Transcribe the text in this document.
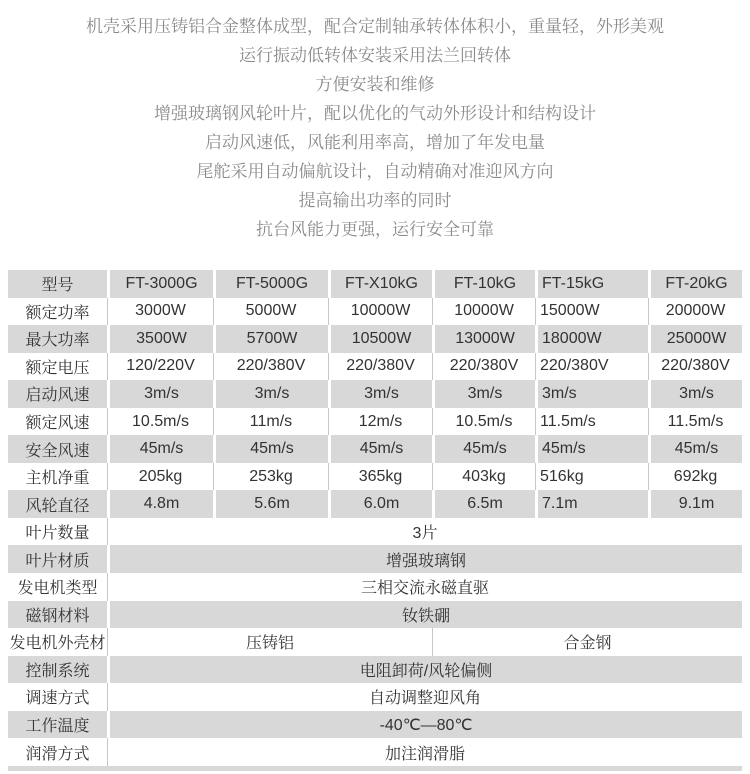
机壳采用压铸铝合金整体成型，配合定制轴承转体体积小，重量轻，外形美观

运行振动低转体安装采用法兰回转体

方便安装和维修

增强玻璃钢风轮叶片，配以优化的气动外形设计和结构设计

启动风速低，风能利用率高，增加了年发电量

尾舵采用自动偏航设计，自动精确对准迎风方向

提高输出功率的同时

抗台风能力更强，运行安全可靠

型号	FT-3000G	FT-5000G	FT-X10kG	FT-10kG	FT-15kG	FT-20kG
额定功率	3000W	5000W	10000W	10000W	15000W	20000W
最大功率	3500W	5700W	10500W	13000W	18000W	25000W
额定电压	120/220V	220/380V	220/380V	220/380V	220/380V	220/380V
启动风速	3m/s	3m/s	3m/s	3m/s	3m/s	3m/s
额定风速	10.5m/s	11m/s	12m/s	10.5m/s	11.5m/s	11.5m/s
安全风速	45m/s	45m/s	45m/s	45m/s	45m/s	45m/s
主机净重	205kg	253kg	365kg	403kg	516kg	692kg
风轮直径	4.8m	5.6m	6.0m	6.5m	7.1m	9.1m
叶片数量	3片					
叶片材质	增强玻璃钢					
发电机类型	三相交流永磁直驱					
磁钢材料	钕铁硼					
发电机外壳材	压铸铝			合金钢		
控制系统	电阻卸荷/风轮偏侧					
调速方式	自动调整迎风角					
工作温度	-40℃—80℃					
润滑方式	加注润滑脂					
